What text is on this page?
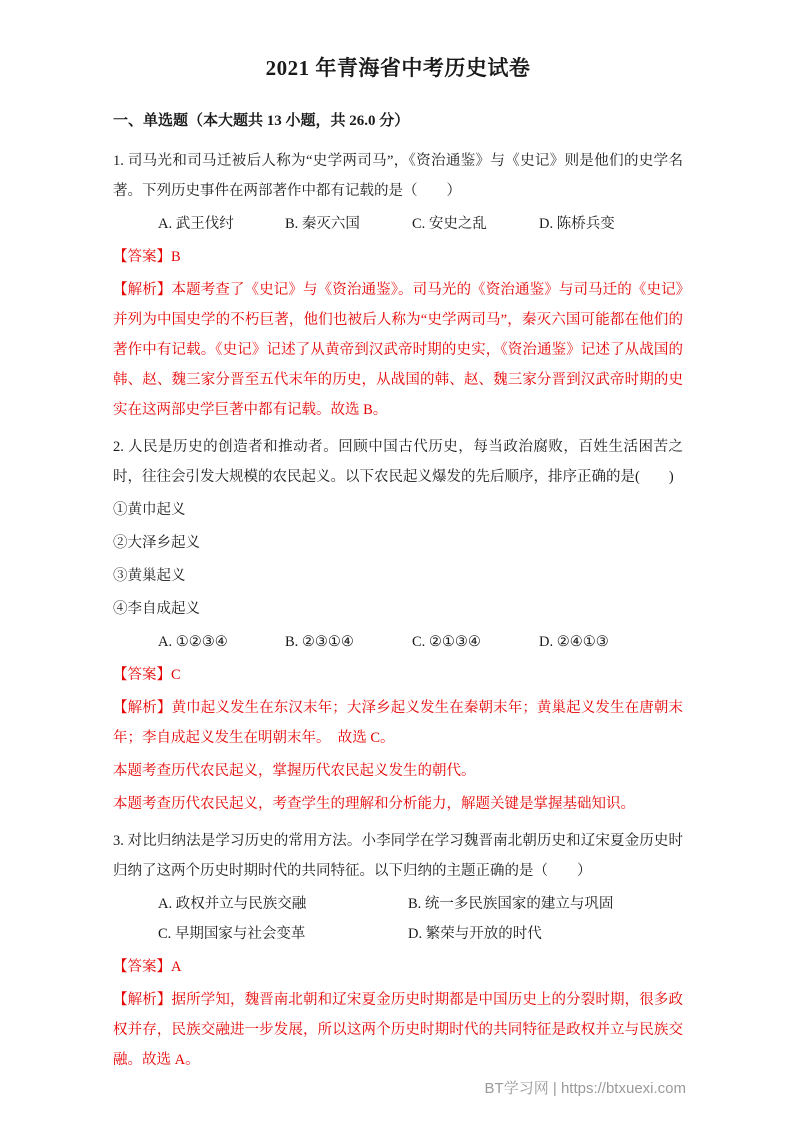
2021 年青海省中考历史试卷
一、单选题（本大题共 13 小题，共 26.0 分）

1. 司马光和司马迁被后人称为“史学两司马”，《资治通鉴》与《史记》则是他们的史学名著。下列历史事件在两部著作中都有记载的是（　　）

A. 武王伐纣	B. 秦灭六国	C. 安史之乱	D. 陈桥兵变

【答案】B

【解析】本题考查了《史记》与《资治通鉴》。司马光的《资治通鉴》与司马迁的《史记》并列为中国史学的不朽巨著，他们也被后人称为“史学两司马”，秦灭六国可能都在他们的著作中有记载。《史记》记述了从黄帝到汉武帝时期的史实，《资治通鉴》记述了从战国的韩、赵、魏三家分晋至五代末年的历史，从战国的韩、赵、魏三家分晋到汉武帝时期的史实在这两部史学巨著中都有记载。故选 B。

2. 人民是历史的创造者和推动者。回顾中国古代历史，每当政治腐败，百姓生活困苦之时，往往会引发大规模的农民起义。以下农民起义爆发的先后顺序，排序正确的是(　　)

①黄巾起义

②大泽乡起义

③黄巢起义

④李自成起义

A. ①②③④	B. ②③①④	C. ②①③④	D. ②④①③

【答案】C

【解析】黄巾起义发生在东汉末年；大泽乡起义发生在秦朝末年；黄巢起义发生在唐朝末年；李自成起义发生在明朝末年。　故选 C。

本题考查历代农民起义，掌握历代农民起义发生的朝代。

本题考查历代农民起义，考查学生的理解和分析能力，解题关键是掌握基础知识。

3. 对比归纳法是学习历史的常用方法。小李同学在学习魏晋南北朝历史和辽宋夏金历史时归纳了这两个历史时期时代的共同特征。以下归纳的主题正确的是（　　）

A. 政权并立与民族交融	B. 统一多民族国家的建立与巩固
C. 早期国家与社会变革	D. 繁荣与开放的时代

【答案】A

【解析】据所学知，魏晋南北朝和辽宋夏金历史时期都是中国历史上的分裂时期，很多政权并存，民族交融进一步发展，所以这两个历史时期时代的共同特征是政权并立与民族交融。故选 A。

BT学习网 | https://btxuexi.com
